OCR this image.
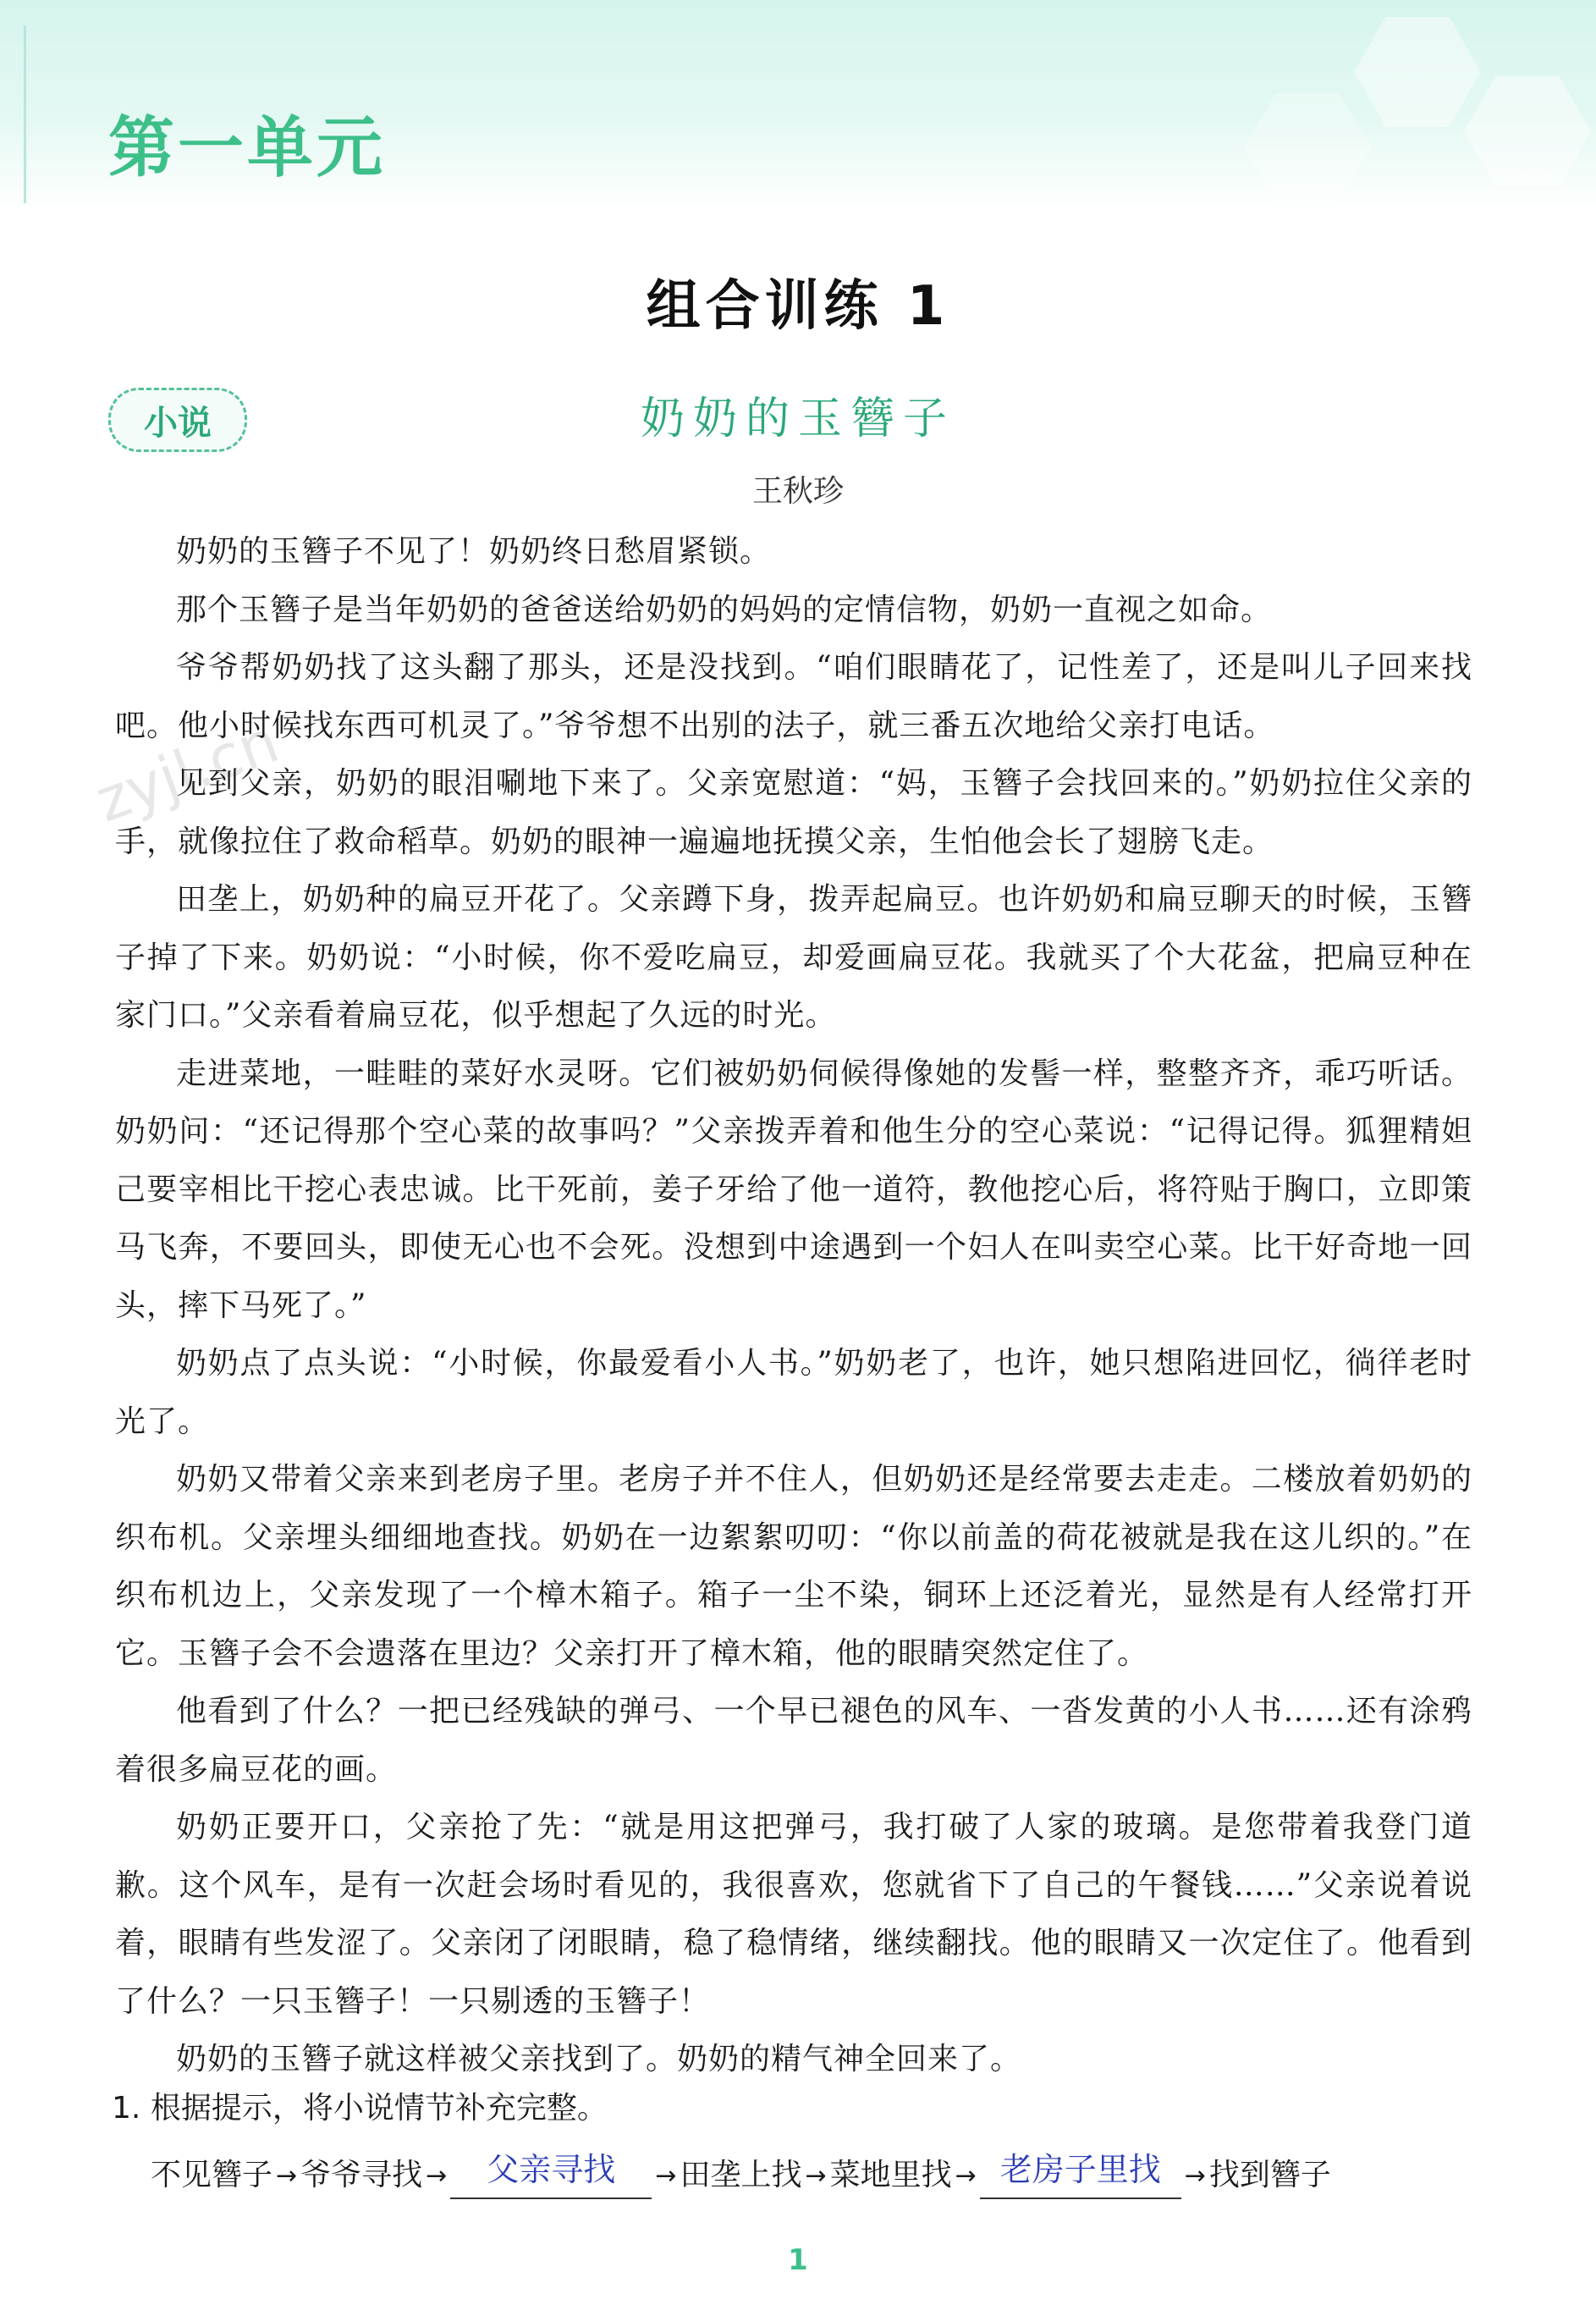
第一单元
组合训练 1
小说	奶奶的玉簪子
王秋珍
zyjl.cn

奶奶的玉簪子不见了！奶奶终日愁眉紧锁。

那个玉簪子是当年奶奶的爸爸送给奶奶的妈妈的定情信物，奶奶一直视之如命。

爷爷帮奶奶找了这头翻了那头，还是没找到。“咱们眼睛花了，记性差了，还是叫儿子回来找吧。他小时候找东西可机灵了。”爷爷想不出别的法子，就三番五次地给父亲打电话。

见到父亲，奶奶的眼泪唰地下来了。父亲宽慰道：“妈，玉簪子会找回来的。”奶奶拉住父亲的手，就像拉住了救命稻草。奶奶的眼神一遍遍地抚摸父亲，生怕他会长了翅膀飞走。

田垄上，奶奶种的扁豆开花了。父亲蹲下身，拨弄起扁豆。也许奶奶和扁豆聊天的时候，玉簪子掉了下来。奶奶说：“小时候，你不爱吃扁豆，却爱画扁豆花。我就买了个大花盆，把扁豆种在家门口。”父亲看着扁豆花，似乎想起了久远的时光。

走进菜地，一畦畦的菜好水灵呀。它们被奶奶伺候得像她的发髻一样，整整齐齐，乖巧听话。奶奶问：“还记得那个空心菜的故事吗？”父亲拨弄着和他生分的空心菜说：“记得记得。狐狸精妲己要宰相比干挖心表忠诚。比干死前，姜子牙给了他一道符，教他挖心后，将符贴于胸口，立即策马飞奔，不要回头，即使无心也不会死。没想到中途遇到一个妇人在叫卖空心菜。比干好奇地一回头，摔下马死了。”

奶奶点了点头说：“小时候，你最爱看小人书。”奶奶老了，也许，她只想陷进回忆，徜徉老时光了。

奶奶又带着父亲来到老房子里。老房子并不住人，但奶奶还是经常要去走走。二楼放着奶奶的织布机。父亲埋头细细地查找。奶奶在一边絮絮叨叨：“你以前盖的荷花被就是我在这儿织的。”在织布机边上，父亲发现了一个樟木箱子。箱子一尘不染，铜环上还泛着光，显然是有人经常打开它。玉簪子会不会遗落在里边？父亲打开了樟木箱，他的眼睛突然定住了。

他看到了什么？一把已经残缺的弹弓、一个早已褪色的风车、一沓发黄的小人书……还有涂鸦着很多扁豆花的画。

奶奶正要开口，父亲抢了先：“就是用这把弹弓，我打破了人家的玻璃。是您带着我登门道歉。这个风车，是有一次赶会场时看见的，我很喜欢，您就省下了自己的午餐钱……”父亲说着说着，眼睛有些发涩了。父亲闭了闭眼睛，稳了稳情绪，继续翻找。他的眼睛又一次定住了。他看到了什么？一只玉簪子！一只剔透的玉簪子！

奶奶的玉簪子就这样被父亲找到了。奶奶的精气神全回来了。

1. 根据提示，将小说情节补充完整。
不见簪子 → 爷爷寻找 →	父亲寻找	→ 田垄上找 → 菜地里找 → 老房子里找 → 找到簪子
1
